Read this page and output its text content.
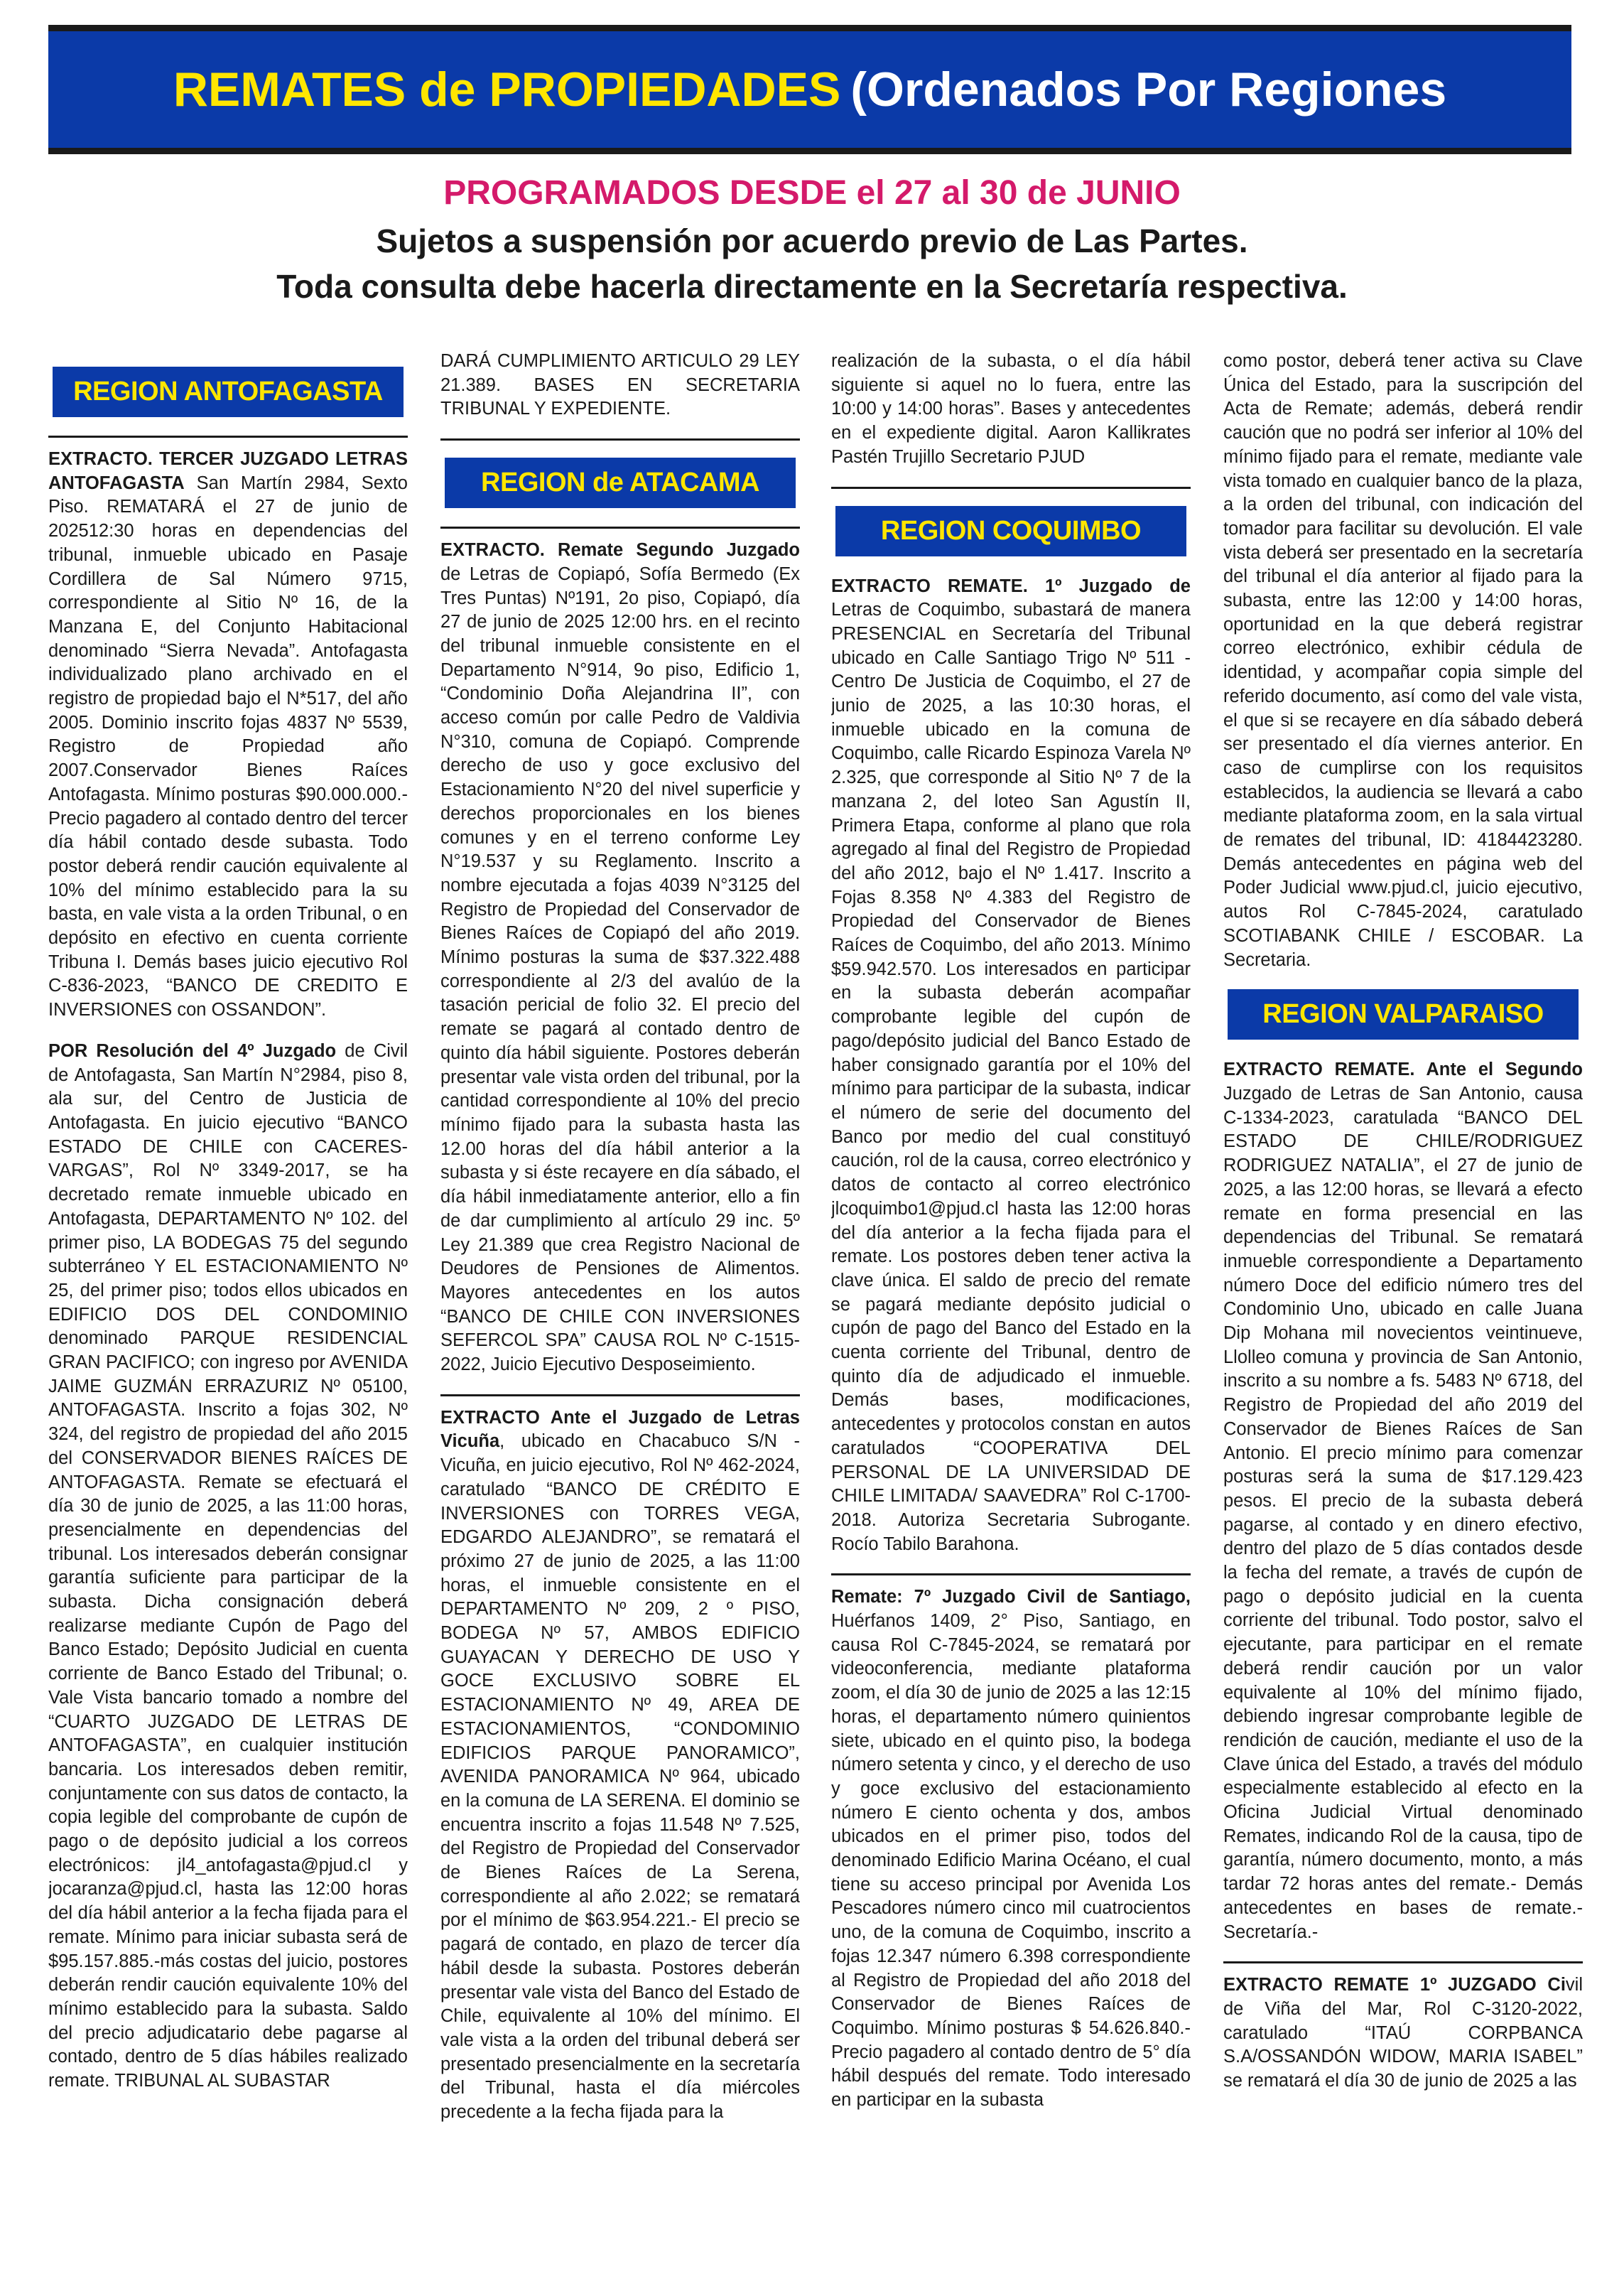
REMATES de PROPIEDADES (Ordenados Por Regiones
PROGRAMADOS DESDE el 27 al 30 de JUNIO
Sujetos a suspensión por acuerdo previo de Las Partes.
Toda consulta debe hacerla directamente en la Secretaría respectiva.
REGION ANTOFAGASTA

EXTRACTO. TERCER JUZGADO LETRAS ANTOFAGASTA San Martín 2984, Sexto Piso. REMATARÁ el 27 de junio de 202512:30 horas en dependencias del tribunal, inmueble ubicado en Pasaje Cordillera de Sal Número 9715, correspondiente al Sitio Nº 16, de la Manzana E, del Conjunto Habitacional denominado “Sierra Nevada”. Antofagasta individualizado plano archivado en el registro de propiedad bajo el N*517, del año 2005. Dominio inscrito fojas 4837 Nº 5539, Registro de Propiedad año 2007.Conservador Bienes Raíces Antofagasta. Mínimo posturas $90.000.000.- Precio pagadero al contado dentro del tercer día hábil contado desde subasta. Todo postor deberá rendir caución equivalente al 10% del mínimo establecido para la su basta, en vale vista a la orden Tribunal, o en depósito en efectivo en cuenta corriente Tribuna I. Demás bases juicio ejecutivo Rol C-836-2023, “BANCO DE CREDITO E INVERSIONES con OSSANDON”.

POR Resolución del 4º Juzgado de Civil de Antofagasta, San Martín N°2984, piso 8, ala sur, del Centro de Justicia de Antofagasta. En juicio ejecutivo “BANCO ESTADO DE CHILE con CACERES-VARGAS”, Rol Nº 3349-2017, se ha decretado remate inmueble ubicado en Antofagasta, DEPARTAMENTO Nº 102. del primer piso, LA BODEGAS 75 del segundo subterráneo Y EL ESTACIONAMIENTO Nº 25, del primer piso; todos ellos ubicados en EDIFICIO DOS DEL CONDOMINIO denominado PARQUE RESIDENCIAL GRAN PACIFICO; con ingreso por AVENIDA JAIME GUZMÁN ERRAZURIZ Nº 05100, ANTOFAGASTA. Inscrito a fojas 302, Nº 324, del registro de propiedad del año 2015 del CONSERVADOR BIENES RAÍCES DE ANTOFAGASTA. Remate se efectuará el día 30 de junio de 2025, a las 11:00 horas, presencialmente en dependencias del tribunal. Los interesados deberán consignar garantía suficiente para participar de la subasta. Dicha consignación deberá realizarse mediante Cupón de Pago del Banco Estado; Depósito Judicial en cuenta corriente de Banco Estado del Tribunal; o. Vale Vista bancario tomado a nombre del “CUARTO JUZGADO DE LETRAS DE ANTOFAGASTA”, en cualquier institución bancaria. Los interesados deben remitir, conjuntamente con sus datos de contacto, la copia legible del comprobante de cupón de pago o de depósito judicial a los correos electrónicos: jl4_antofagasta@pjud.cl y jocaranza@pjud.cl, hasta las 12:00 horas del día hábil anterior a la fecha fijada para el remate. Mínimo para iniciar subasta será de $95.157.885.-más costas del juicio, postores deberán rendir caución equivalente 10% del mínimo establecido para la subasta. Saldo del precio adjudicatario debe pagarse al contado, dentro de 5 días hábiles realizado remate. TRIBUNAL AL SUBASTAR

DARÁ CUMPLIMIENTO ARTICULO 29 LEY 21.389. BASES EN SECRETARIA TRIBUNAL Y EXPEDIENTE.

REGION de ATACAMA

EXTRACTO. Remate Segundo Juzgado de Letras de Copiapó, Sofía Bermedo (Ex Tres Puntas) Nº191, 2o piso, Copiapó, día 27 de junio de 2025 12:00 hrs. en el recinto del tribunal inmueble consistente en el Departamento N°914, 9o piso, Edificio 1, “Condominio Doña Alejandrina II”, con acceso común por calle Pedro de Valdivia N°310, comuna de Copiapó. Comprende derecho de uso y goce exclusivo del Estacionamiento N°20 del nivel superficie y derechos proporcionales en los bienes comunes y en el terreno conforme Ley N°19.537 y su Reglamento. Inscrito a nombre ejecutada a fojas 4039 N°3125 del Registro de Propiedad del Conservador de Bienes Raíces de Copiapó del año 2019. Mínimo posturas la suma de $37.322.488 correspondiente al 2/3 del avalúo de la tasación pericial de folio 32. El precio del remate se pagará al contado dentro de quinto día hábil siguiente. Postores deberán presentar vale vista orden del tribunal, por la cantidad correspondiente al 10% del precio mínimo fijado para la subasta hasta las 12.00 horas del día hábil anterior a la subasta y si éste recayere en día sábado, el día hábil inmediatamente anterior, ello a fin de dar cumplimiento al artículo 29 inc. 5º Ley 21.389 que crea Registro Nacional de Deudores de Pensiones de Alimentos. Mayores antecedentes en los autos “BANCO DE CHILE CON INVERSIONES SEFERCOL SPA” CAUSA ROL Nº C-1515-2022, Juicio Ejecutivo Desposeimiento.

EXTRACTO Ante el Juzgado de Letras Vicuña, ubicado en Chacabuco S/N - Vicuña, en juicio ejecutivo, Rol Nº 462-2024, caratulado “BANCO DE CRÉDITO E INVERSIONES con TORRES VEGA, EDGARDO ALEJANDRO”, se rematará el próximo 27 de junio de 2025, a las 11:00 horas, el inmueble consistente en el DEPARTAMENTO Nº 209, 2 º PISO, BODEGA Nº 57, AMBOS EDIFICIO GUAYACAN Y DERECHO DE USO Y GOCE EXCLUSIVO SOBRE EL ESTACIONAMIENTO Nº 49, AREA DE ESTACIONAMIENTOS, “CONDOMINIO EDIFICIOS PARQUE PANORAMICO”, AVENIDA PANORAMICA Nº 964, ubicado en la comuna de LA SERENA. El dominio se encuentra inscrito a fojas 11.548 Nº 7.525, del Registro de Propiedad del Conservador de Bienes Raíces de La Serena, correspondiente al año 2.022; se rematará por el mínimo de $63.954.221.- El precio se pagará de contado, en plazo de tercer día hábil desde la subasta. Postores deberán presentar vale vista del Banco del Estado de Chile, equivalente al 10% del mínimo. El vale vista a la orden del tribunal deberá ser presentado presencialmente en la secretaría del Tribunal, hasta el día miércoles precedente a la fecha fijada para la

realización de la subasta, o el día hábil siguiente si aquel no lo fuera, entre las 10:00 y 14:00 horas”. Bases y antecedentes en el expediente digital. Aaron Kallikrates Pastén Trujillo Secretario PJUD

REGION COQUIMBO

EXTRACTO REMATE. 1º Juzgado de Letras de Coquimbo, subastará de manera PRESENCIAL en Secretaría del Tribunal ubicado en Calle Santiago Trigo Nº 511 - Centro De Justicia de Coquimbo, el 27 de junio de 2025, a las 10:30 horas, el inmueble ubicado en la comuna de Coquimbo, calle Ricardo Espinoza Varela Nº 2.325, que corresponde al Sitio Nº 7 de la manzana 2, del loteo San Agustín II, Primera Etapa, conforme al plano que rola agregado al final del Registro de Propiedad del año 2012, bajo el Nº 1.417. Inscrito a Fojas 8.358 Nº 4.383 del Registro de Propiedad del Conservador de Bienes Raíces de Coquimbo, del año 2013. Mínimo $59.942.570. Los interesados en participar en la subasta deberán acompañar comprobante legible del cupón de pago/depósito judicial del Banco Estado de haber consignado garantía por el 10% del mínimo para participar de la subasta, indicar el número de serie del documento del Banco por medio del cual constituyó caución, rol de la causa, correo electrónico y datos de contacto al correo electrónico jlcoquimbo1@pjud.cl hasta las 12:00 horas del día anterior a la fecha fijada para el remate. Los postores deben tener activa la clave única. El saldo de precio del remate se pagará mediante depósito judicial o cupón de pago del Banco del Estado en la cuenta corriente del Tribunal, dentro de quinto día de adjudicado el inmueble. Demás bases, modificaciones, antecedentes y protocolos constan en autos caratulados “COOPERATIVA DEL PERSONAL DE LA UNIVERSIDAD DE CHILE LIMITADA/ SAAVEDRA” Rol C-1700-2018. Autoriza Secretaria Subrogante. Rocío Tabilo Barahona.

Remate: 7º Juzgado Civil de Santiago, Huérfanos 1409, 2° Piso, Santiago, en causa Rol C-7845-2024, se rematará por videoconferencia, mediante plataforma zoom, el día 30 de junio de 2025 a las 12:15 horas, el departamento número quinientos siete, ubicado en el quinto piso, la bodega número setenta y cinco, y el derecho de uso y goce exclusivo del estacionamiento número E ciento ochenta y dos, ambos ubicados en el primer piso, todos del denominado Edificio Marina Océano, el cual tiene su acceso principal por Avenida Los Pescadores número cinco mil cuatrocientos uno, de la comuna de Coquimbo, inscrito a fojas 12.347 número 6.398 correspondiente al Registro de Propiedad del año 2018 del Conservador de Bienes Raíces de Coquimbo. Mínimo posturas $ 54.626.840.- Precio pagadero al contado dentro de 5° día hábil después del remate. Todo interesado en participar en la subasta

como postor, deberá tener activa su Clave Única del Estado, para la suscripción del Acta de Remate; además, deberá rendir caución que no podrá ser inferior al 10% del mínimo fijado para el remate, mediante vale vista tomado en cualquier banco de la plaza, a la orden del tribunal, con indicación del tomador para facilitar su devolución. El vale vista deberá ser presentado en la secretaría del tribunal el día anterior al fijado para la subasta, entre las 12:00 y 14:00 horas, oportunidad en la que deberá registrar correo electrónico, exhibir cédula de identidad, y acompañar copia simple del referido documento, así como del vale vista, el que si se recayere en día sábado deberá ser presentado el día viernes anterior. En caso de cumplirse con los requisitos establecidos, la audiencia se llevará a cabo mediante plataforma zoom, en la sala virtual de remates del tribunal, ID: 4184423280. Demás antecedentes en página web del Poder Judicial www.pjud.cl, juicio ejecutivo, autos Rol C-7845-2024, caratulado SCOTIABANK CHILE / ESCOBAR. La Secretaria.

REGION VALPARAISO

EXTRACTO REMATE. Ante el Segundo Juzgado de Letras de San Antonio, causa C-1334-2023, caratulada “BANCO DEL ESTADO DE CHILE/RODRIGUEZ RODRIGUEZ NATALIA”, el 27 de junio de 2025, a las 12:00 horas, se llevará a efecto remate en forma presencial en las dependencias del Tribunal. Se rematará inmueble correspondiente a Departamento número Doce del edificio número tres del Condominio Uno, ubicado en calle Juana Dip Mohana mil novecientos veintinueve, Llolleo comuna y provincia de San Antonio, inscrito a su nombre a fs. 5483 Nº 6718, del Registro de Propiedad del año 2019 del Conservador de Bienes Raíces de San Antonio. El precio mínimo para comenzar posturas será la suma de $17.129.423 pesos. El precio de la subasta deberá pagarse, al contado y en dinero efectivo, dentro del plazo de 5 días contados desde la fecha del remate, a través de cupón de pago o depósito judicial en la cuenta corriente del tribunal. Todo postor, salvo el ejecutante, para participar en el remate deberá rendir caución por un valor equivalente al 10% del mínimo fijado, debiendo ingresar comprobante legible de rendición de caución, mediante el uso de la Clave única del Estado, a través del módulo especialmente establecido al efecto en la Oficina Judicial Virtual denominado Remates, indicando Rol de la causa, tipo de garantía, número documento, monto, a más tardar 72 horas antes del remate.- Demás antecedentes en bases de remate.- Secretaría.-

EXTRACTO REMATE 1º JUZGADO Civil de Viña del Mar, Rol C-3120-2022, caratulado “ITAÚ CORPBANCA S.A/OSSANDÓN WIDOW, MARIA ISABEL” se rematará el día 30 de junio de 2025 a las
